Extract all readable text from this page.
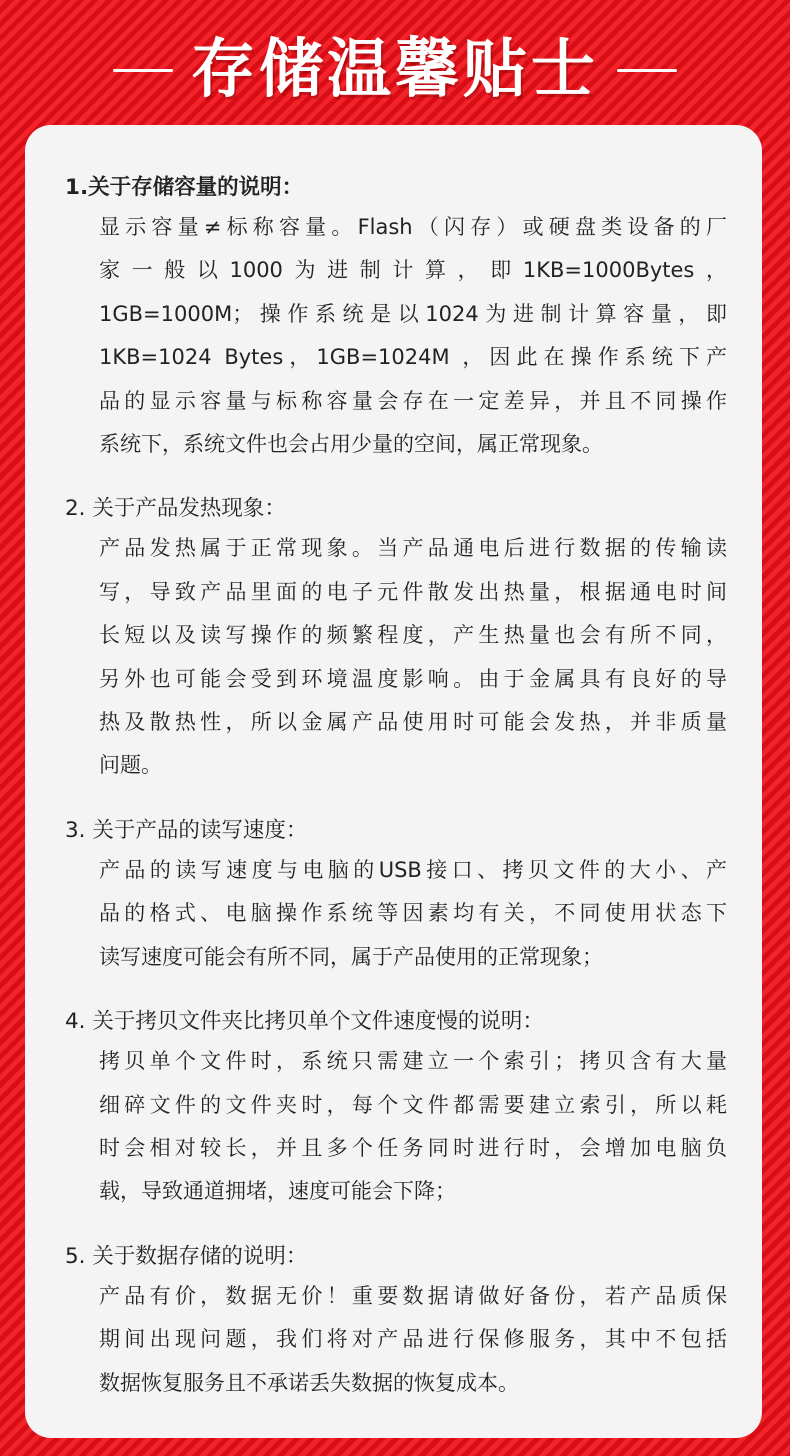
存储温馨贴士
1.关于存储容量的说明：
显示容量≠标称容量。Flash（闪存）或硬盘类设备的厂
家一般以1000为进制计算，即1KB=1000Bytes，
1GB=1000M；操作系统是以1024为进制计算容量，即
1KB=1024 Bytes，1GB=1024M ，因此在操作系统下产
品的显示容量与标称容量会存在一定差异，并且不同操作
系统下，系统文件也会占用少量的空间，属正常现象。
2. 关于产品发热现象：
产品发热属于正常现象。当产品通电后进行数据的传输读
写，导致产品里面的电子元件散发出热量，根据通电时间
长短以及读写操作的频繁程度，产生热量也会有所不同，
另外也可能会受到环境温度影响。由于金属具有良好的导
热及散热性，所以金属产品使用时可能会发热，并非质量
问题。
3. 关于产品的读写速度：
产品的读写速度与电脑的USB接口、拷贝文件的大小、产
品的格式、电脑操作系统等因素均有关，不同使用状态下
读写速度可能会有所不同，属于产品使用的正常现象；
4. 关于拷贝文件夹比拷贝单个文件速度慢的说明：
拷贝单个文件时，系统只需建立一个索引；拷贝含有大量
细碎文件的文件夹时，每个文件都需要建立索引，所以耗
时会相对较长，并且多个任务同时进行时，会增加电脑负
载，导致通道拥堵，速度可能会下降；
5. 关于数据存储的说明：
产品有价，数据无价！重要数据请做好备份，若产品质保
期间出现问题，我们将对产品进行保修服务，其中不包括
数据恢复服务且不承诺丢失数据的恢复成本。
